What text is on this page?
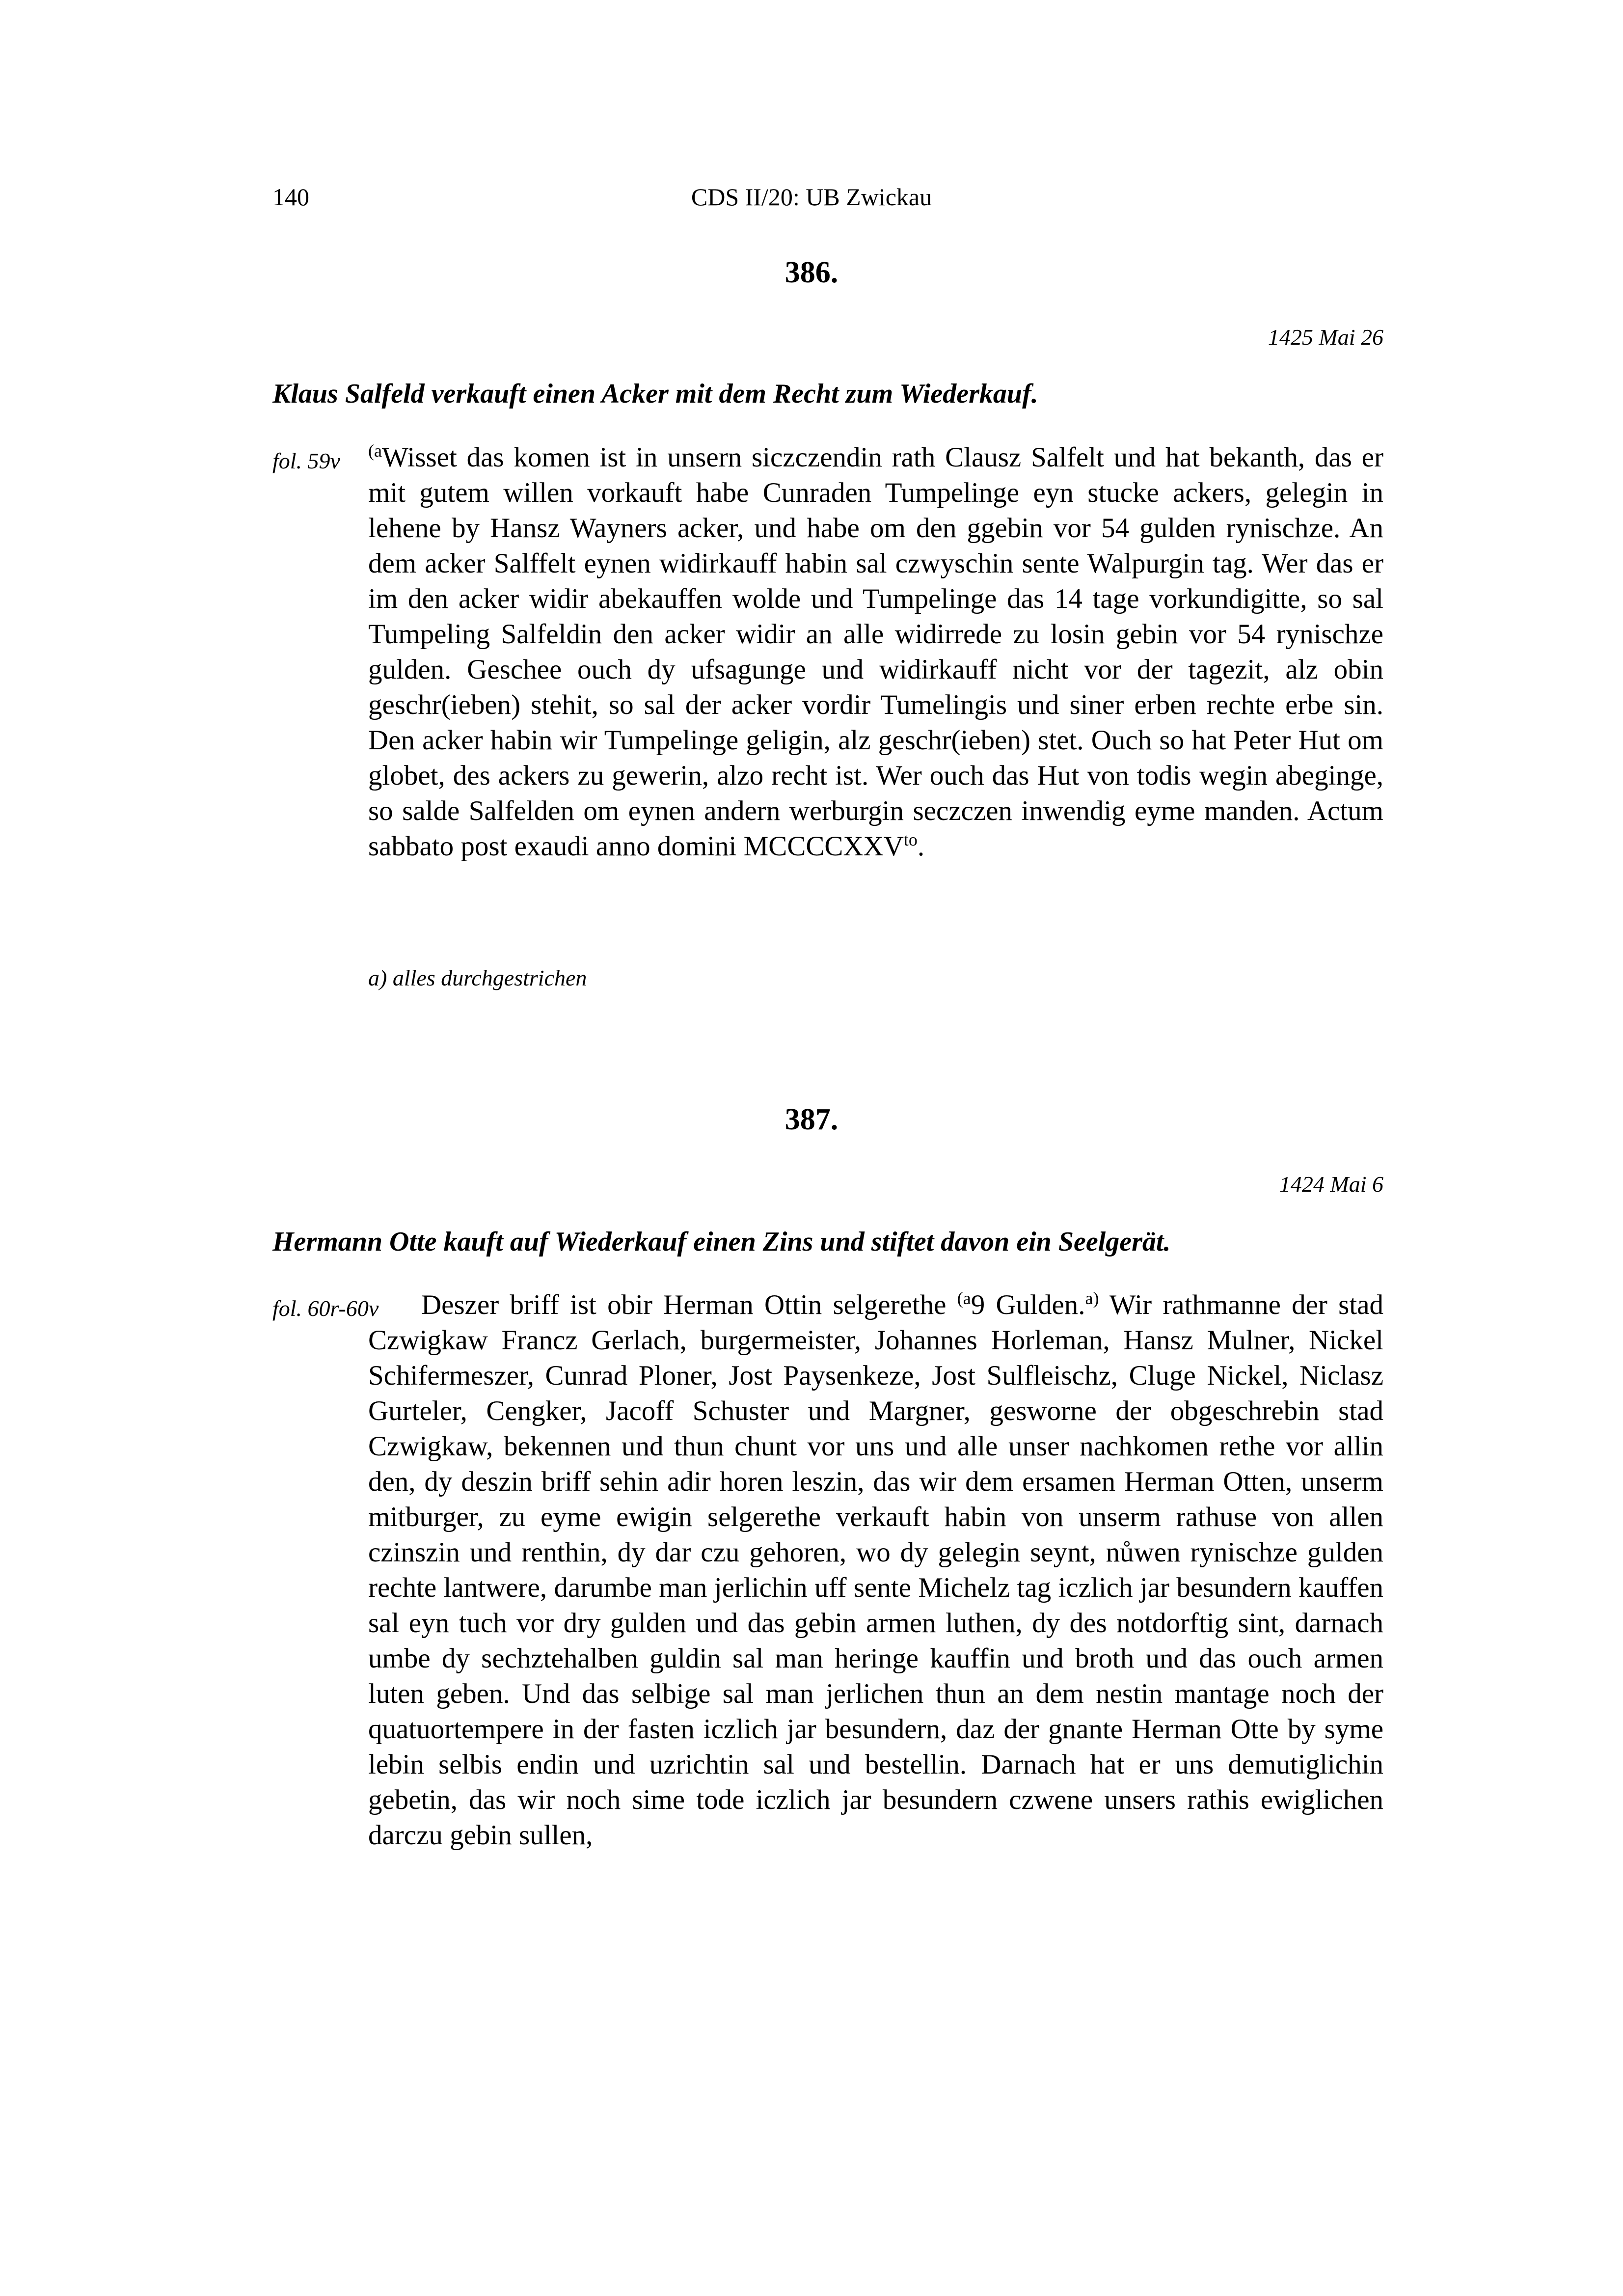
140	CDS II/20: UB Zwickau
386.
1425 Mai 26
Klaus Salfeld verkauft einen Acker mit dem Recht zum Wiederkauf.
fol. 59v $^{(a}$Wisset das komen ist in unsern siczczendin rath Clausz Salfelt und hat bekanth, das er mit gutem willen vorkauft habe Cunraden Tumpelinge eyn stucke ackers, gelegin in lehene by Hansz Wayners acker, und habe om den ggebin vor 54 gulden rynischze. An dem acker Salffelt eynen widirkauff habin sal czwyschin sente Walpurgin tag. Wer das er im den acker widir abekauffen wolde und Tumpelinge das 14 tage vorkundigitte, so sal Tumpeling Salfeldin den acker widir an alle widirrede zu losin gebin vor 54 rynischze gulden. Geschee ouch dy ufsagunge und widirkauff nicht vor der tagezit, alz obin geschr(ieben) stehit, so sal der acker vordir Tumelingis und siner erben rechte erbe sin. Den acker habin wir Tumpelinge geligin, alz geschr(ieben) stet. Ouch so hat Peter Hut om globet, des ackers zu gewerin, alzo recht ist. Wer ouch das Hut von todis wegin abeginge, so salde Salfelden om eynen andern werburgin seczczen inwendig eyme manden. Actum sabbato post exaudi anno domini $MCCCCXXV^{to}$.
a) alles durchgestrichen
387.
1424 Mai 6
Hermann Otte kauft auf Wiederkauf einen Zins und stiftet davon ein Seelgerät.
fol. 60r-60v	Deszer briff ist obir Herman Ottin selgerethe $^{(a}$9 Gulden.$^{a)}$ Wir rathmanne der stad Czwigkaw Francz Gerlach, burgermeister, Johannes Horleman, Hansz Mulner, Nickel Schifermeszer, Cunrad Ploner, Jost Paysenkeze, Jost Sulfleischz, Cluge Nickel, Niclasz Gurteler, Cengker, Jacoff Schuster und Margner, gesworne der obgeschrebin stad Czwigkaw, bekennen und thun chunt vor uns und alle unser nachkomen rethe vor allin den, dy deszin briff sehin adir horen leszin, das wir dem ersamen Herman Otten, unserm mitburger, zu eyme ewigin selgerethe verkauft habin von unserm rathuse von allen czinszin und renthin, dy dar czu gehoren, wo dy gelegin seynt, nůwen rynischze gulden rechte lantwere, darumbe man jerlichin uff sente Michelz tag iczlich jar besundern kauffen sal eyn tuch vor dry gulden und das gebin armen luthen, dy des notdorftig sint, darnach umbe dy sechztehalben guldin sal man heringe kauffin und broth und das ouch armen luten geben. Und das selbige sal man jerlichen thun an dem nestin mantage noch der quatuortempere in der fasten iczlich jar besundern, daz der gnante Herman Otte by syme lebin selbis endin und uzrichtin sal und bestellin. Darnach hat er uns demutiglichin gebetin, das wir noch sime tode iczlich jar besundern czwene unsers rathis ewiglichen darczu gebin sullen,
